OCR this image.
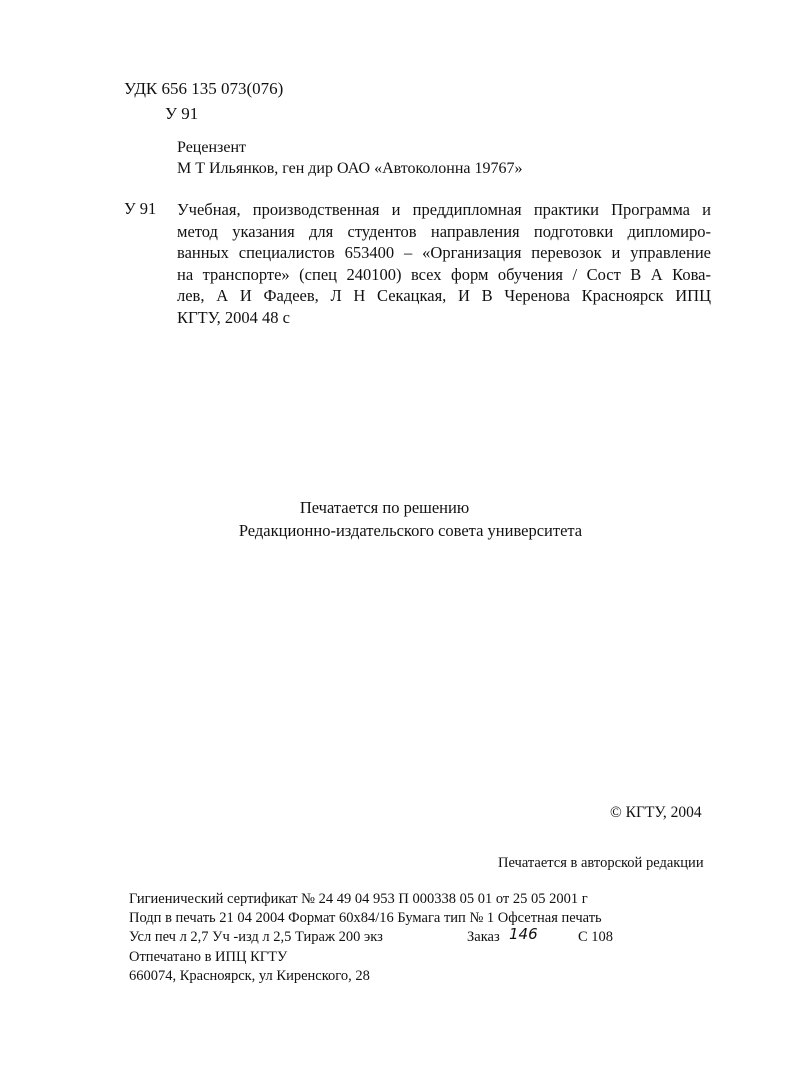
УДК 656 135 073(076)
У 91
Рецензент
М Т Ильянков, ген дир ОАО «Автоколонна 19767»
У 91 Учебная, производственная и преддипломная практики Программа и
метод указания для студентов направления подготовки дипломиро-
ванных специалистов 653400 – «Организация перевозок и управление
на транспорте» (спец 240100) всех форм обучения / Сост В А Кова-
лев, А И Фадеев, Л Н Секацкая, И В Черенова Красноярск ИПЦ
КГТУ, 2004 48 с
Печатается по решению
Редакционно-издательского совета университета
© КГТУ, 2004
Печатается в авторской редакции
Гигиенический сертификат № 24 49 04 953 П 000338 05 01 от 25 05 2001 г
Подп в печать 21 04 2004 Формат 60х84/16 Бумага тип № 1 Офсетная печать
Усл печ л 2,7 Уч -изд л 2,5 Тираж 200 экз	Заказ 146	С 108
Отпечатано в ИПЦ КГТУ
660074, Красноярск, ул Киренского, 28
